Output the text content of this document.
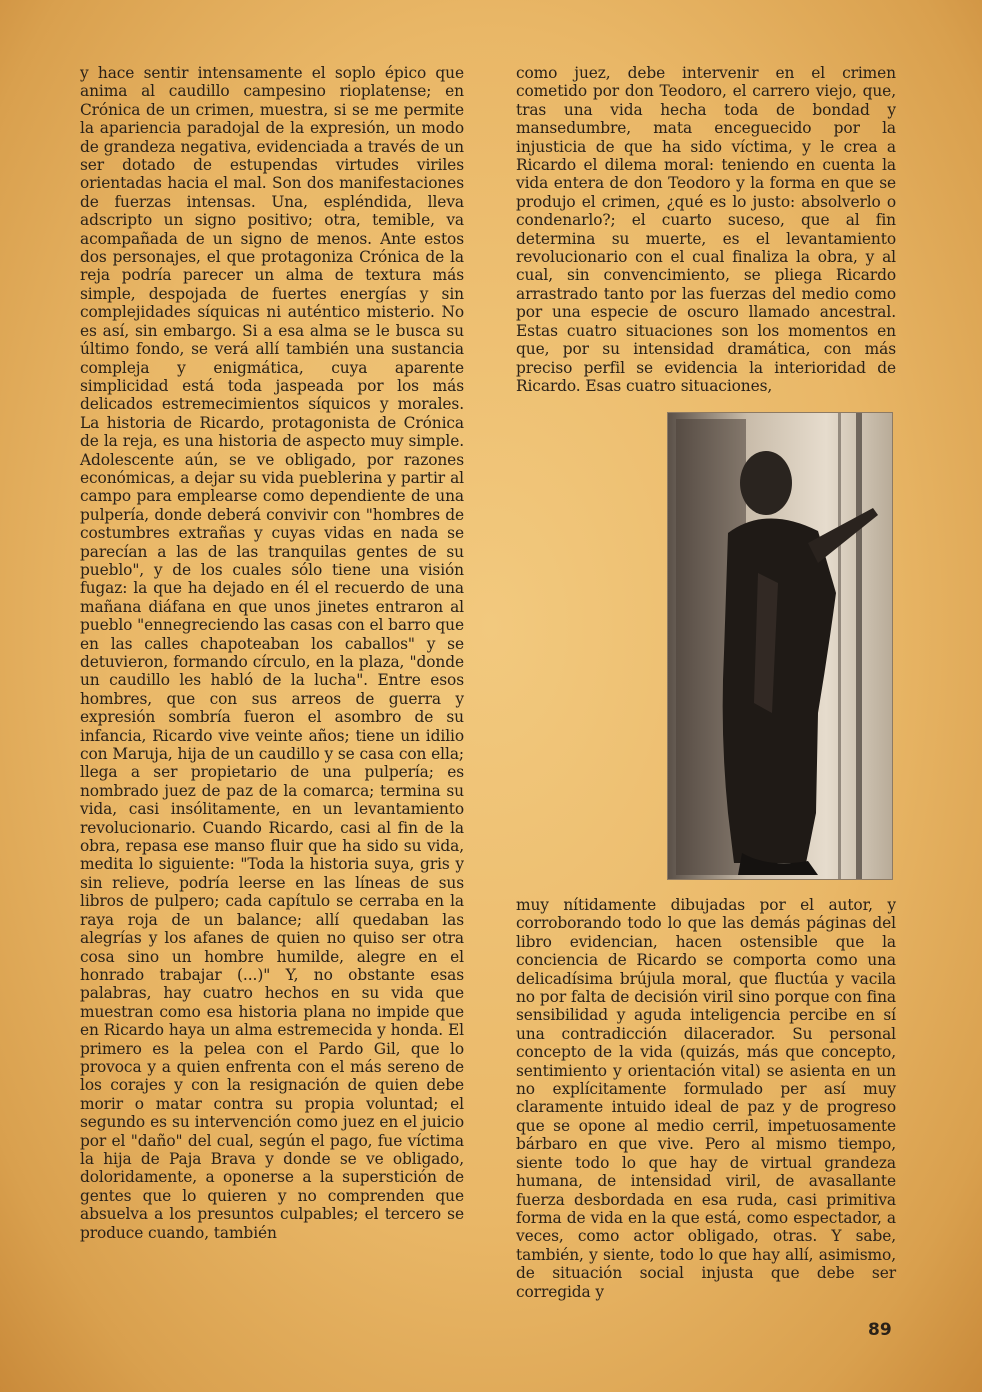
y hace sentir intensamente el soplo épico que anima al caudillo campesino rioplatense; en Crónica de un crimen, muestra, si se me permite la apariencia paradojal de la expresión, un modo de grandeza negativa, evidenciada a través de un ser dotado de estupendas virtudes viriles orientadas hacia el mal. Son dos manifestaciones de fuerzas intensas. Una, espléndida, lleva adscripto un signo positivo; otra, temible, va acompañada de un signo de menos. Ante estos dos personajes, el que protagoniza Crónica de la reja podría parecer un alma de textura más simple, despojada de fuertes energías y sin complejidades síquicas ni auténtico misterio. No es así, sin embargo. Si a esa alma se le busca su último fondo, se verá allí también una sustancia compleja y enigmática, cuya aparente simplicidad está toda jaspeada por los más delicados estremecimientos síquicos y morales. La historia de Ricardo, protagonista de Crónica de la reja, es una historia de aspecto muy simple. Adolescente aún, se ve obligado, por razones económicas, a dejar su vida pueblerina y partir al campo para emplearse como dependiente de una pulpería, donde deberá convivir con "hombres de costumbres extrañas y cuyas vidas en nada se parecían a las de las tranquilas gentes de su pueblo", y de los cuales sólo tiene una visión fugaz: la que ha dejado en él el recuerdo de una mañana diáfana en que unos jinetes entraron al pueblo "ennegreciendo las casas con el barro que en las calles chapoteaban los caballos" y se detuvieron, formando círculo, en la plaza, "donde un caudillo les habló de la lucha". Entre esos hombres, que con sus arreos de guerra y expresión sombría fueron el asombro de su infancia, Ricardo vive veinte años; tiene un idilio con Maruja, hija de un caudillo y se casa con ella; llega a ser propietario de una pulpería; es nombrado juez de paz de la comarca; termina su vida, casi insólitamente, en un levantamiento revolucionario. Cuando Ricardo, casi al fin de la obra, repasa ese manso fluir que ha sido su vida, medita lo siguiente: "Toda la historia suya, gris y sin relieve, podría leerse en las líneas de sus libros de pulpero; cada capítulo se cerraba en la raya roja de un balance; allí quedaban las alegrías y los afanes de quien no quiso ser otra cosa sino un hombre humilde, alegre en el honrado trabajar (...)" Y, no obstante esas palabras, hay cuatro hechos en su vida que muestran como esa historia plana no impide que en Ricardo haya un alma estremecida y honda. El primero es la pelea con el Pardo Gil, que lo provoca y a quien enfrenta con el más sereno de los corajes y con la resignación de quien debe morir o matar contra su propia voluntad; el segundo es su intervención como juez en el juicio por el "daño" del cual, según el pago, fue víctima la hija de Paja Brava y donde se ve obligado, doloridamente, a oponerse a la superstición de gentes que lo quieren y no comprenden que absuelva a los presuntos culpables; el tercero se produce cuando, también

como juez, debe intervenir en el crimen cometido por don Teodoro, el carrero viejo, que, tras una vida hecha toda de bondad y mansedumbre, mata enceguecido por la injusticia de que ha sido víctima, y le crea a Ricardo el dilema moral: teniendo en cuenta la vida entera de don Teodoro y la forma en que se produjo el crimen, ¿qué es lo justo: absolverlo o condenarlo?; el cuarto suceso, que al fin determina su muerte, es el levantamiento revolucionario con el cual finaliza la obra, y al cual, sin convencimiento, se pliega Ricardo arrastrado tanto por las fuerzas del medio como por una especie de oscuro llamado ancestral. Estas cuatro situaciones son los momentos en que, por su intensidad dramática, con más preciso perfil se evidencia la interioridad de Ricardo. Esas cuatro situaciones,

muy nítidamente dibujadas por el autor, y corroborando todo lo que las demás páginas del libro evidencian, hacen ostensible que la conciencia de Ricardo se comporta como una delicadísima brújula moral, que fluctúa y vacila no por falta de decisión viril sino porque con fina sensibilidad y aguda inteligencia percibe en sí una contradicción dilacerador. Su personal concepto de la vida (quizás, más que concepto, sentimiento y orientación vital) se asienta en un no explícitamente formulado per así muy claramente intuido ideal de paz y de progreso que se opone al medio cerril, impetuosamente bárbaro en que vive. Pero al mismo tiempo, siente todo lo que hay de virtual grandeza humana, de intensidad viril, de avasallante fuerza desbordada en esa ruda, casi primitiva forma de vida en la que está, como espectador, a veces, como actor obligado, otras. Y sabe, también, y siente, todo lo que hay allí, asimismo, de situación social injusta que debe ser corregida y

89
